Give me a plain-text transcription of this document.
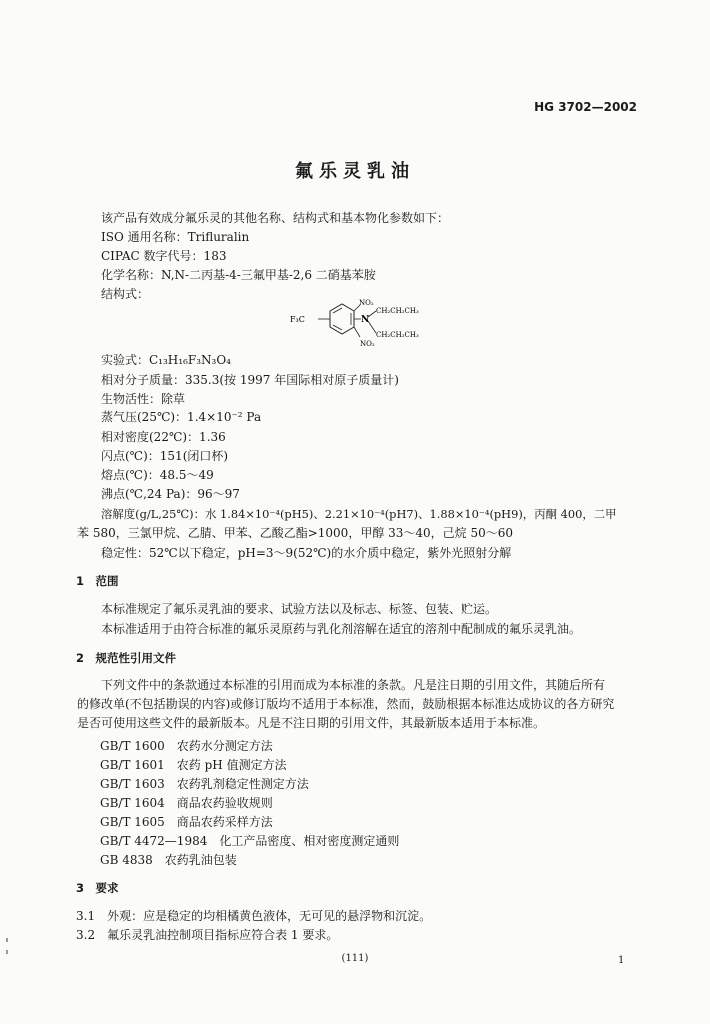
HG 3702—2002
氟乐灵乳油
该产品有效成分氟乐灵的其他名称、结构式和基本物化参数如下：
ISO 通用名称：Trifluralin
CIPAC 数字代号：183
化学名称：N,N-二丙基-4-三氟甲基-2,6 二硝基苯胺
结构式：
F₃C
NO₂
N
NO₂
CH₂CH₂CH₃
CH₂CH₂CH₃
实验式：C₁₃H₁₆F₃N₃O₄
相对分子质量：335.3(按 1997 年国际相对原子质量计)
生物活性：除草
蒸气压(25℃)：1.4×10⁻² Pa
相对密度(22℃)：1.36
闪点(℃)：151(闭口杯)
熔点(℃)：48.5～49
沸点(℃,24 Pa)：96～97
溶解度(g/L,25℃)：水 1.84×10⁻⁴(pH5)、2.21×10⁻⁴(pH7)、1.88×10⁻⁴(pH9)，丙酮 400，二甲
苯 580，三氯甲烷、乙腈、甲苯、乙酸乙酯>1000，甲醇 33～40，己烷 50～60
稳定性：52℃以下稳定，pH=3～9(52℃)的水介质中稳定，紫外光照射分解
1　范围
本标准规定了氟乐灵乳油的要求、试验方法以及标志、标签、包装、贮运。
本标准适用于由符合标准的氟乐灵原药与乳化剂溶解在适宜的溶剂中配制成的氟乐灵乳油。
2　规范性引用文件
下列文件中的条款通过本标准的引用而成为本标准的条款。凡是注日期的引用文件，其随后所有
的修改单(不包括勘误的内容)或修订版均不适用于本标准，然而，鼓励根据本标准达成协议的各方研究
是否可使用这些文件的最新版本。凡是不注日期的引用文件，其最新版本适用于本标准。
GB/T 1600　农药水分测定方法
GB/T 1601　农药 pH 值测定方法
GB/T 1603　农药乳剂稳定性测定方法
GB/T 1604　商品农药验收规则
GB/T 1605　商品农药采样方法
GB/T 4472—1984　化工产品密度、相对密度测定通则
GB 4838　农药乳油包装
3　要求
3.1　外观：应是稳定的均相橘黄色液体，无可见的悬浮物和沉淀。
3.2　氟乐灵乳油控制项目指标应符合表 1 要求。
(111)	1
